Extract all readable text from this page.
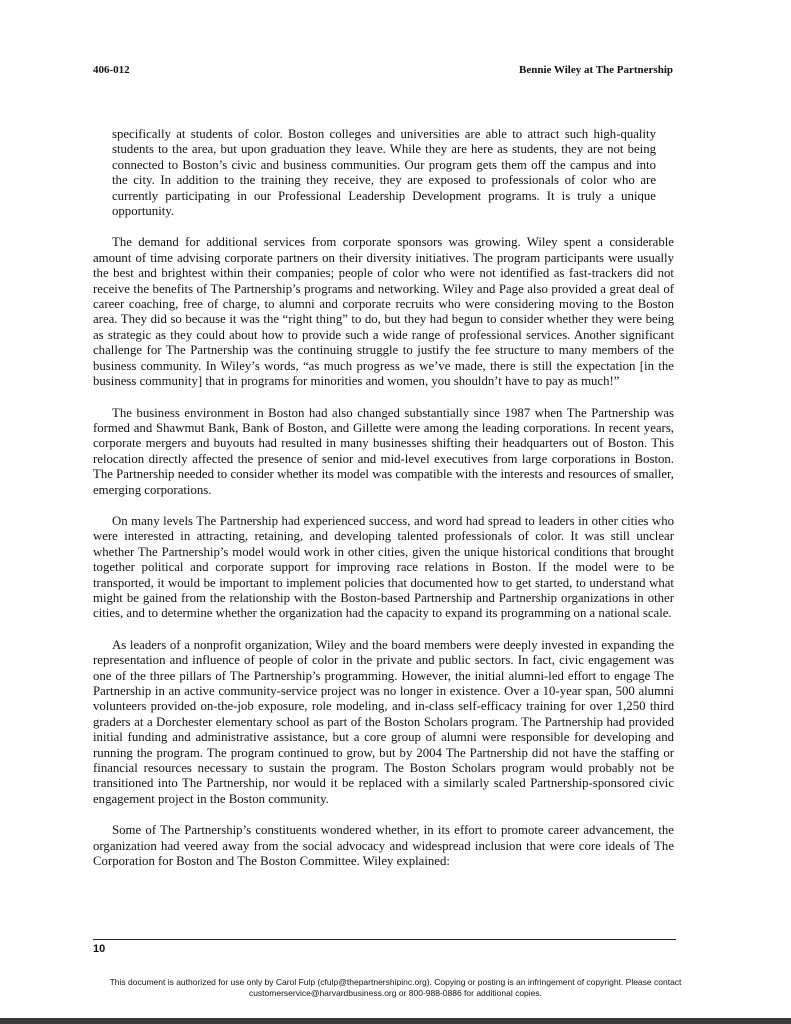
406-012	Bennie Wiley at The Partnership

specifically at students of color. Boston colleges and universities are able to attract such high-quality students to the area, but upon graduation they leave. While they are here as students, they are not being connected to Boston’s civic and business communities. Our program gets them off the campus and into the city. In addition to the training they receive, they are exposed to professionals of color who are currently participating in our Professional Leadership Development programs. It is truly a unique opportunity.

The demand for additional services from corporate sponsors was growing. Wiley spent a considerable amount of time advising corporate partners on their diversity initiatives. The program participants were usually the best and brightest within their companies; people of color who were not identified as fast-trackers did not receive the benefits of The Partnership’s programs and networking. Wiley and Page also provided a great deal of career coaching, free of charge, to alumni and corporate recruits who were considering moving to the Boston area. They did so because it was the “right thing” to do, but they had begun to consider whether they were being as strategic as they could about how to provide such a wide range of professional services. Another significant challenge for The Partnership was the continuing struggle to justify the fee structure to many members of the business community. In Wiley’s words, “as much progress as we’ve made, there is still the expectation [in the business community] that in programs for minorities and women, you shouldn’t have to pay as much!”

The business environment in Boston had also changed substantially since 1987 when The Partnership was formed and Shawmut Bank, Bank of Boston, and Gillette were among the leading corporations. In recent years, corporate mergers and buyouts had resulted in many businesses shifting their headquarters out of Boston. This relocation directly affected the presence of senior and mid-level executives from large corporations in Boston. The Partnership needed to consider whether its model was compatible with the interests and resources of smaller, emerging corporations.

On many levels The Partnership had experienced success, and word had spread to leaders in other cities who were interested in attracting, retaining, and developing talented professionals of color. It was still unclear whether The Partnership’s model would work in other cities, given the unique historical conditions that brought together political and corporate support for improving race relations in Boston. If the model were to be transported, it would be important to implement policies that documented how to get started, to understand what might be gained from the relationship with the Boston-based Partnership and Partnership organizations in other cities, and to determine whether the organization had the capacity to expand its programming on a national scale.

As leaders of a nonprofit organization, Wiley and the board members were deeply invested in expanding the representation and influence of people of color in the private and public sectors. In fact, civic engagement was one of the three pillars of The Partnership’s programming. However, the initial alumni-led effort to engage The Partnership in an active community-service project was no longer in existence. Over a 10-year span, 500 alumni volunteers provided on-the-job exposure, role modeling, and in-class self-efficacy training for over 1,250 third graders at a Dorchester elementary school as part of the Boston Scholars program. The Partnership had provided initial funding and administrative assistance, but a core group of alumni were responsible for developing and running the program. The program continued to grow, but by 2004 The Partnership did not have the staffing or financial resources necessary to sustain the program. The Boston Scholars program would probably not be transitioned into The Partnership, nor would it be replaced with a similarly scaled Partnership-sponsored civic engagement project in the Boston community.

Some of The Partnership’s constituents wondered whether, in its effort to promote career advancement, the organization had veered away from the social advocacy and widespread inclusion that were core ideals of The Corporation for Boston and The Boston Committee. Wiley explained:

10
This document is authorized for use only by Carol Fulp (cfulp@thepartnershipinc.org). Copying or posting is an infringement of copyright. Please contact
customerservice@harvardbusiness.org or 800-988-0886 for additional copies.
